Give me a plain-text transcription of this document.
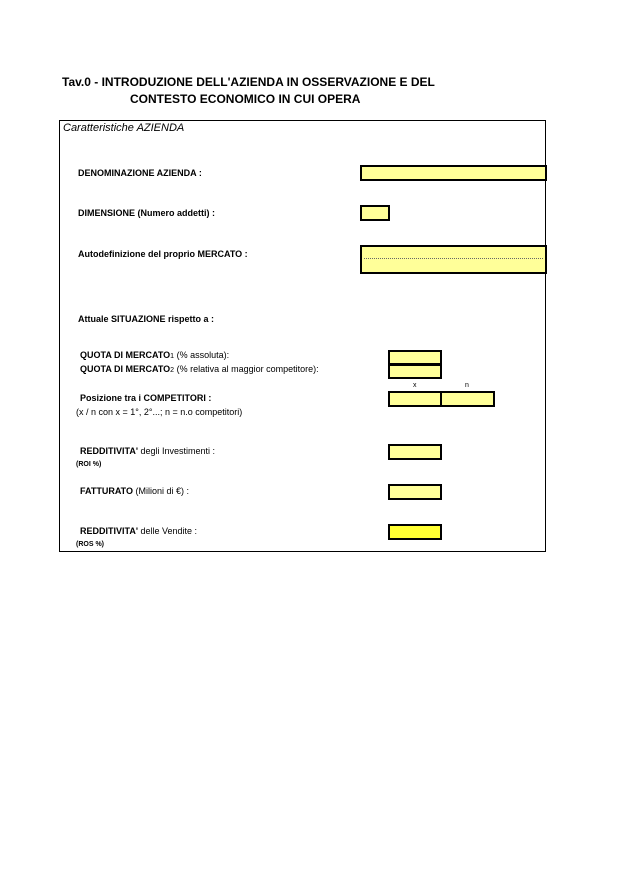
Tav.0 - INTRODUZIONE DELL'AZIENDA IN OSSERVAZIONE E DEL
CONTESTO ECONOMICO IN CUI OPERA
Caratteristiche AZIENDA
DENOMINAZIONE AZIENDA :
DIMENSIONE (Numero addetti) :
Autodefinizione del proprio MERCATO :
Attuale SITUAZIONE rispetto a :
QUOTA DI MERCATO1 (% assoluta):
QUOTA DI MERCATO2 (% relativa al maggior competitore):
x	n
Posizione tra i COMPETITORI :
(x / n con x = 1°, 2°...; n = n.o competitori)
REDDITIVITA' degli Investimenti :
(ROI %)
FATTURATO (Milioni di €) :
REDDITIVITA' delle Vendite :
(ROS %)
